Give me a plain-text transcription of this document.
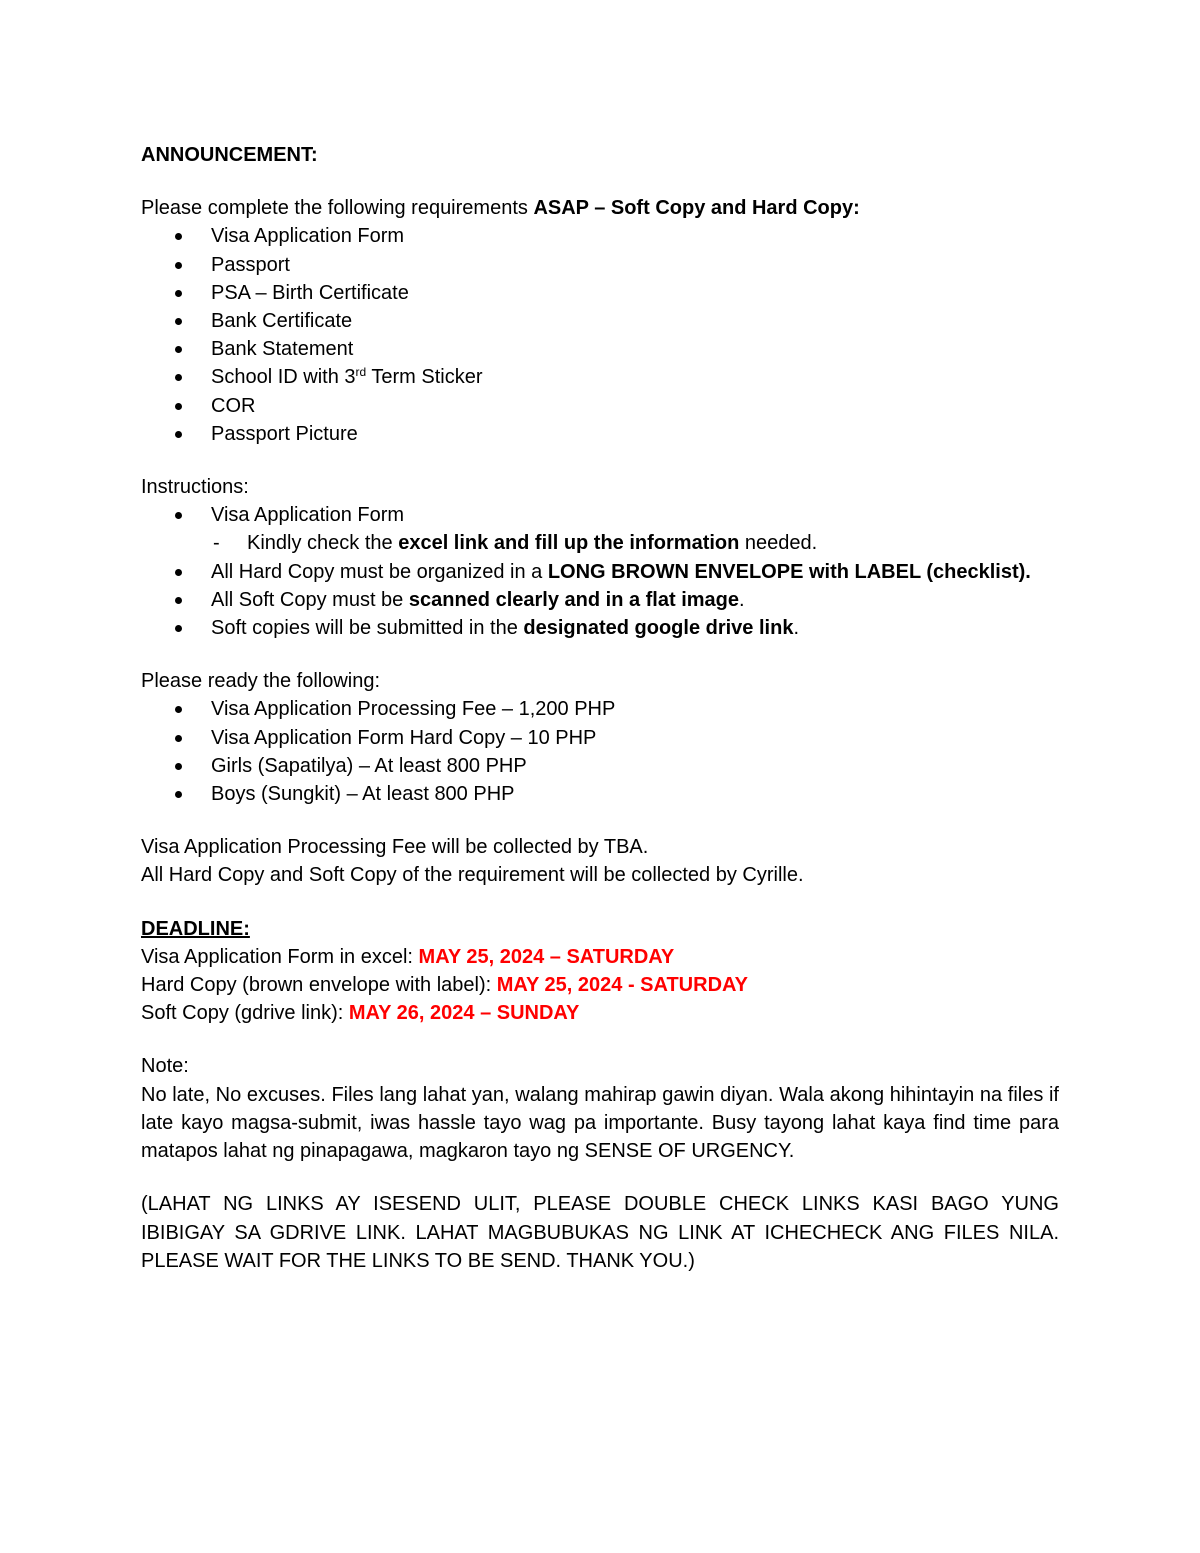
ANNOUNCEMENT:

Please complete the following requirements ASAP – Soft Copy and Hard Copy:

Visa Application Form
Passport
PSA – Birth Certificate
Bank Certificate
Bank Statement
School ID with 3rd Term Sticker
COR
Passport Picture

Instructions:

Visa Application Form

- Kindly check the excel link and fill up the information needed.

All Hard Copy must be organized in a LONG BROWN ENVELOPE with LABEL (checklist).
All Soft Copy must be scanned clearly and in a flat image.
Soft copies will be submitted in the designated google drive link.

Please ready the following:

Visa Application Processing Fee – 1,200 PHP
Visa Application Form Hard Copy – 10 PHP
Girls (Sapatilya) – At least 800 PHP
Boys (Sungkit) – At least 800 PHP

Visa Application Processing Fee will be collected by TBA.

All Hard Copy and Soft Copy of the requirement will be collected by Cyrille.

DEADLINE:

Visa Application Form in excel: MAY 25, 2024 – SATURDAY

Hard Copy (brown envelope with label): MAY 25, 2024 - SATURDAY

Soft Copy (gdrive link): MAY 26, 2024 – SUNDAY

Note:

No late, No excuses. Files lang lahat yan, walang mahirap gawin diyan. Wala akong hihintayin na files if late kayo magsa-submit, iwas hassle tayo wag pa importante. Busy tayong lahat kaya find time para matapos lahat ng pinapagawa, magkaron tayo ng SENSE OF URGENCY.

(LAHAT NG LINKS AY ISESEND ULIT, PLEASE DOUBLE CHECK LINKS KASI BAGO YUNG IBIBIGAY SA GDRIVE LINK. LAHAT MAGBUBUKAS NG LINK AT ICHECHECK ANG FILES NILA. PLEASE WAIT FOR THE LINKS TO BE SEND. THANK YOU.)
